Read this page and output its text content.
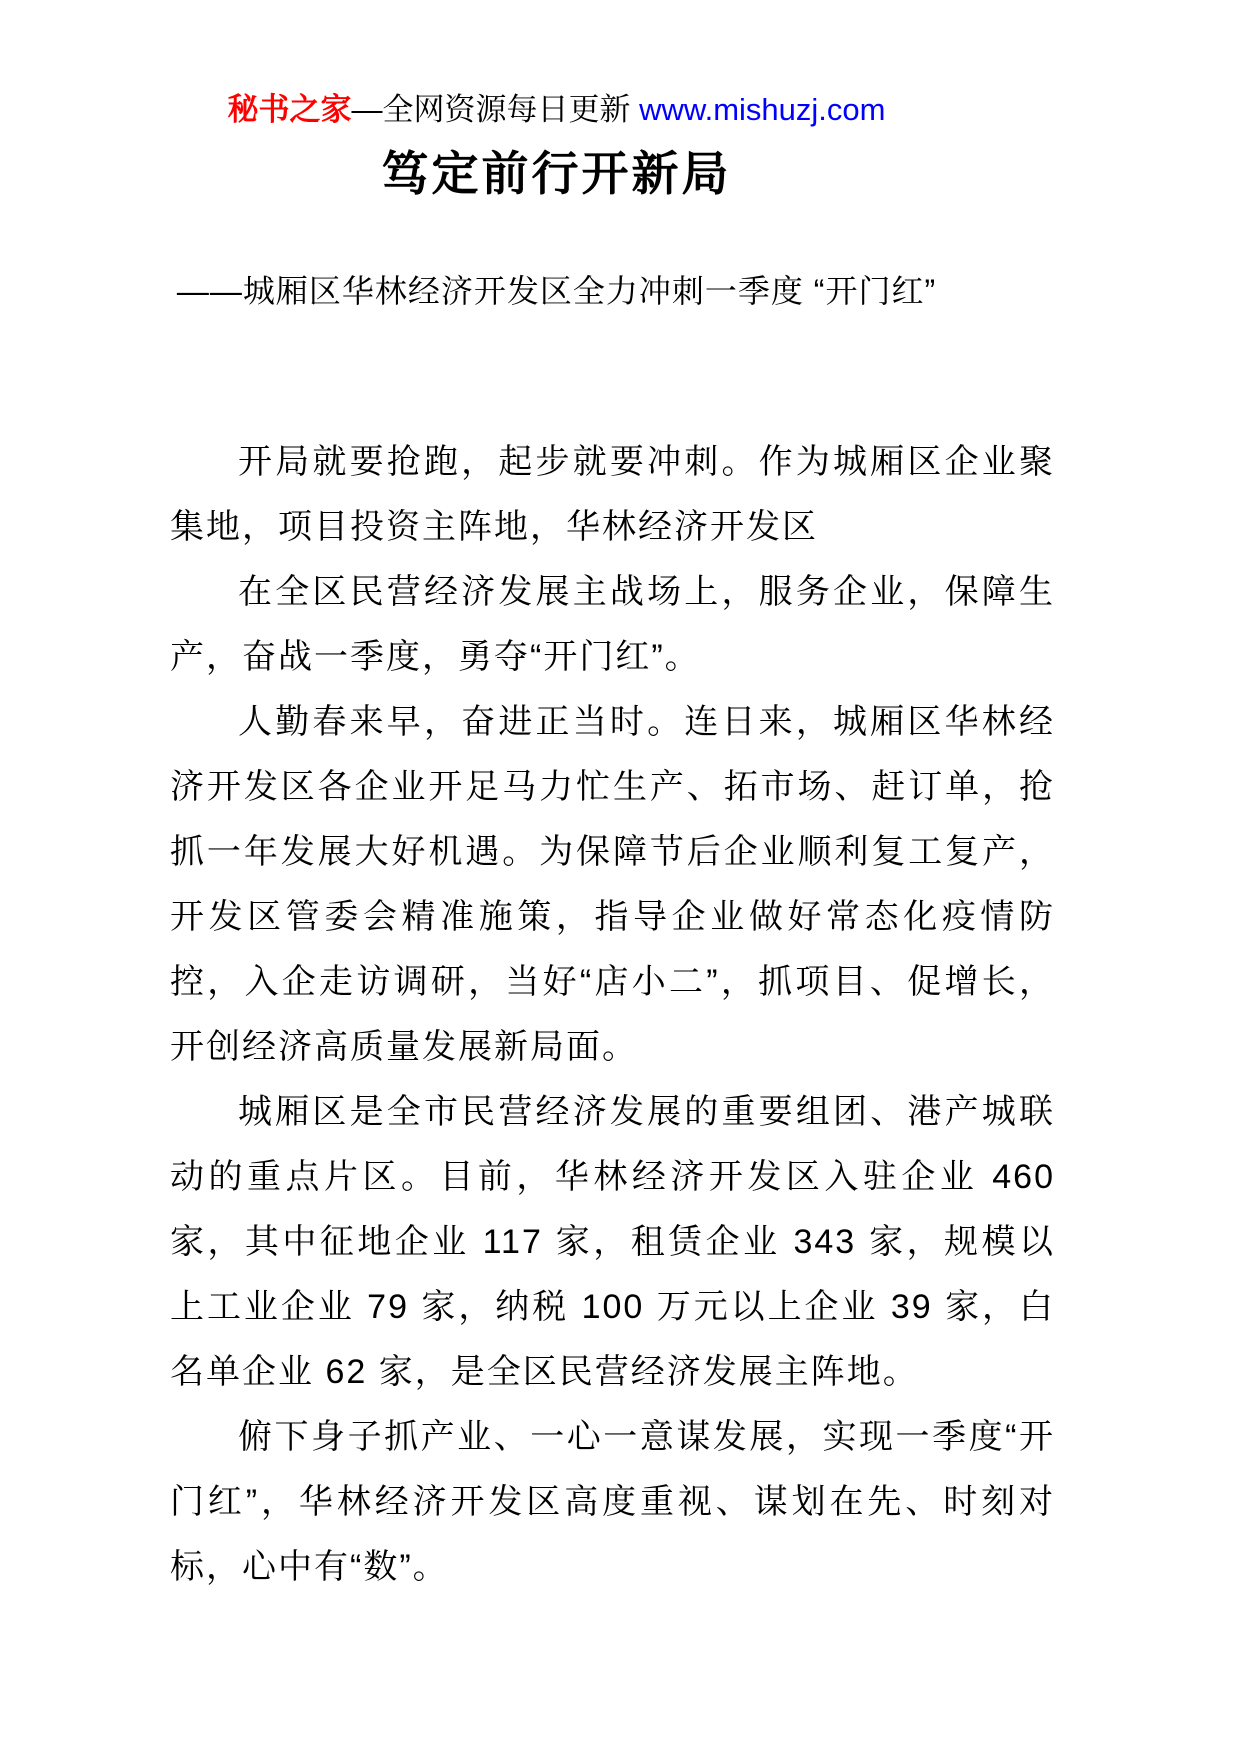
秘书之家—全网资源每日更新 www.mishuzj.com
笃定前行开新局
——城厢区华林经济开发区全力冲刺一季度 “开门红”

开局就要抢跑，起步就要冲刺。作为城厢区企业聚集地，项目投资主阵地，华林经济开发区

在全区民营经济发展主战场上，服务企业，保障生产，奋战一季度，勇夺“开门红”。

人勤春来早，奋进正当时。连日来，城厢区华林经济开发区各企业开足马力忙生产、拓市场、赶订单，抢抓一年发展大好机遇。为保障节后企业顺利复工复产，开发区管委会精准施策，指导企业做好常态化疫情防控，入企走访调研，当好“店小二”，抓项目、促增长，开创经济高质量发展新局面。

城厢区是全市民营经济发展的重要组团、港产城联动的重点片区。目前，华林经济开发区入驻企业 460 家，其中征地企业 117 家，租赁企业 343 家，规模以上工业企业 79 家，纳税 100 万元以上企业 39 家，白名单企业 62 家，是全区民营经济发展主阵地。

俯下身子抓产业、一心一意谋发展，实现一季度“开门红”，华林经济开发区高度重视、谋划在先、时刻对标，心中有“数”。
